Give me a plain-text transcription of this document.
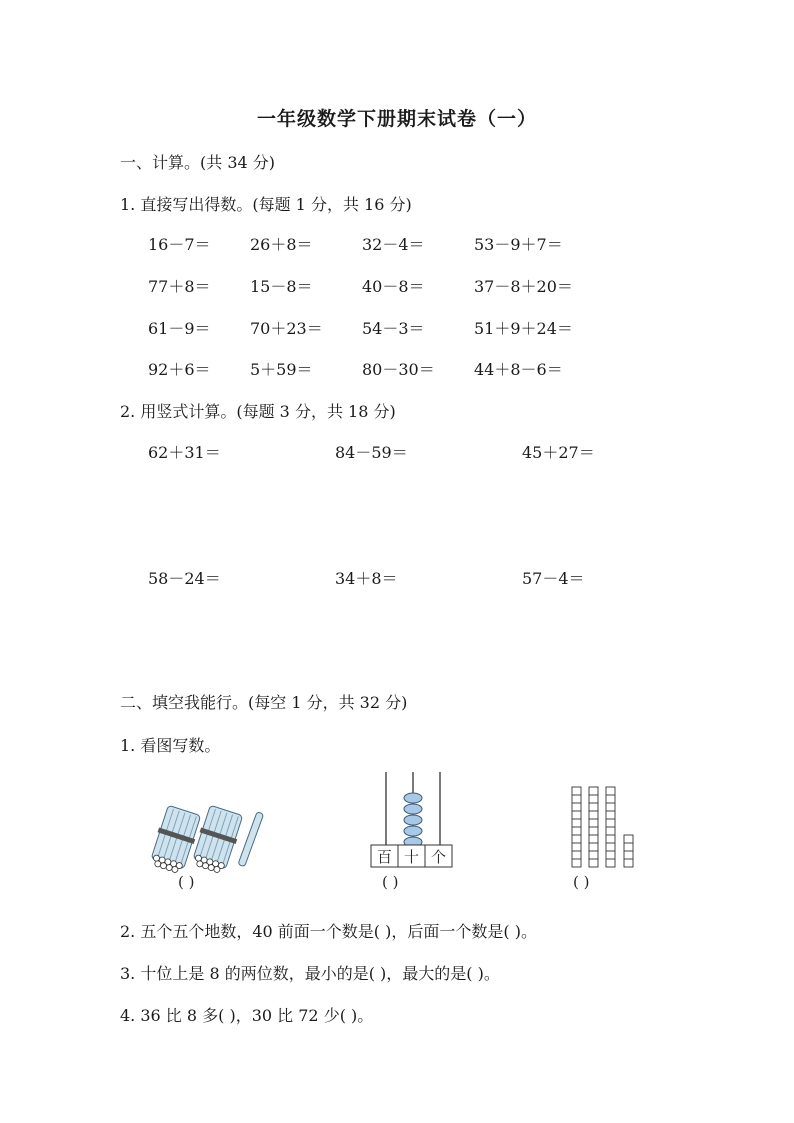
一年级数学下册期末试卷（一）
一、计算。(共 34 分)
1. 直接写出得数。(每题 1 分，共 16 分)
16－7＝ 26＋8＝	32－4＝	53－9＋7＝
77＋8＝ 15－8＝	40－8＝	37－8＋20＝
61－9＝ 70＋23＝ 54－3＝	51＋9＋24＝
92＋6＝ 5＋59＝	80－30＝ 44＋8－6＝
2. 用竖式计算。(每题 3 分，共 18 分)
62＋31＝	84－59＝	45＋27＝
58－24＝	34＋8＝	57－4＝
二、填空我能行。(每空 1 分，共 32 分)
1. 看图写数。
( )
百 十 个
( )	( )
2. 五个五个地数，40 前面一个数是( )，后面一个数是( )。
3. 十位上是 8 的两位数，最小的是( )，最大的是( )。
4. 36 比 8 多( )，30 比 72 少( )。
